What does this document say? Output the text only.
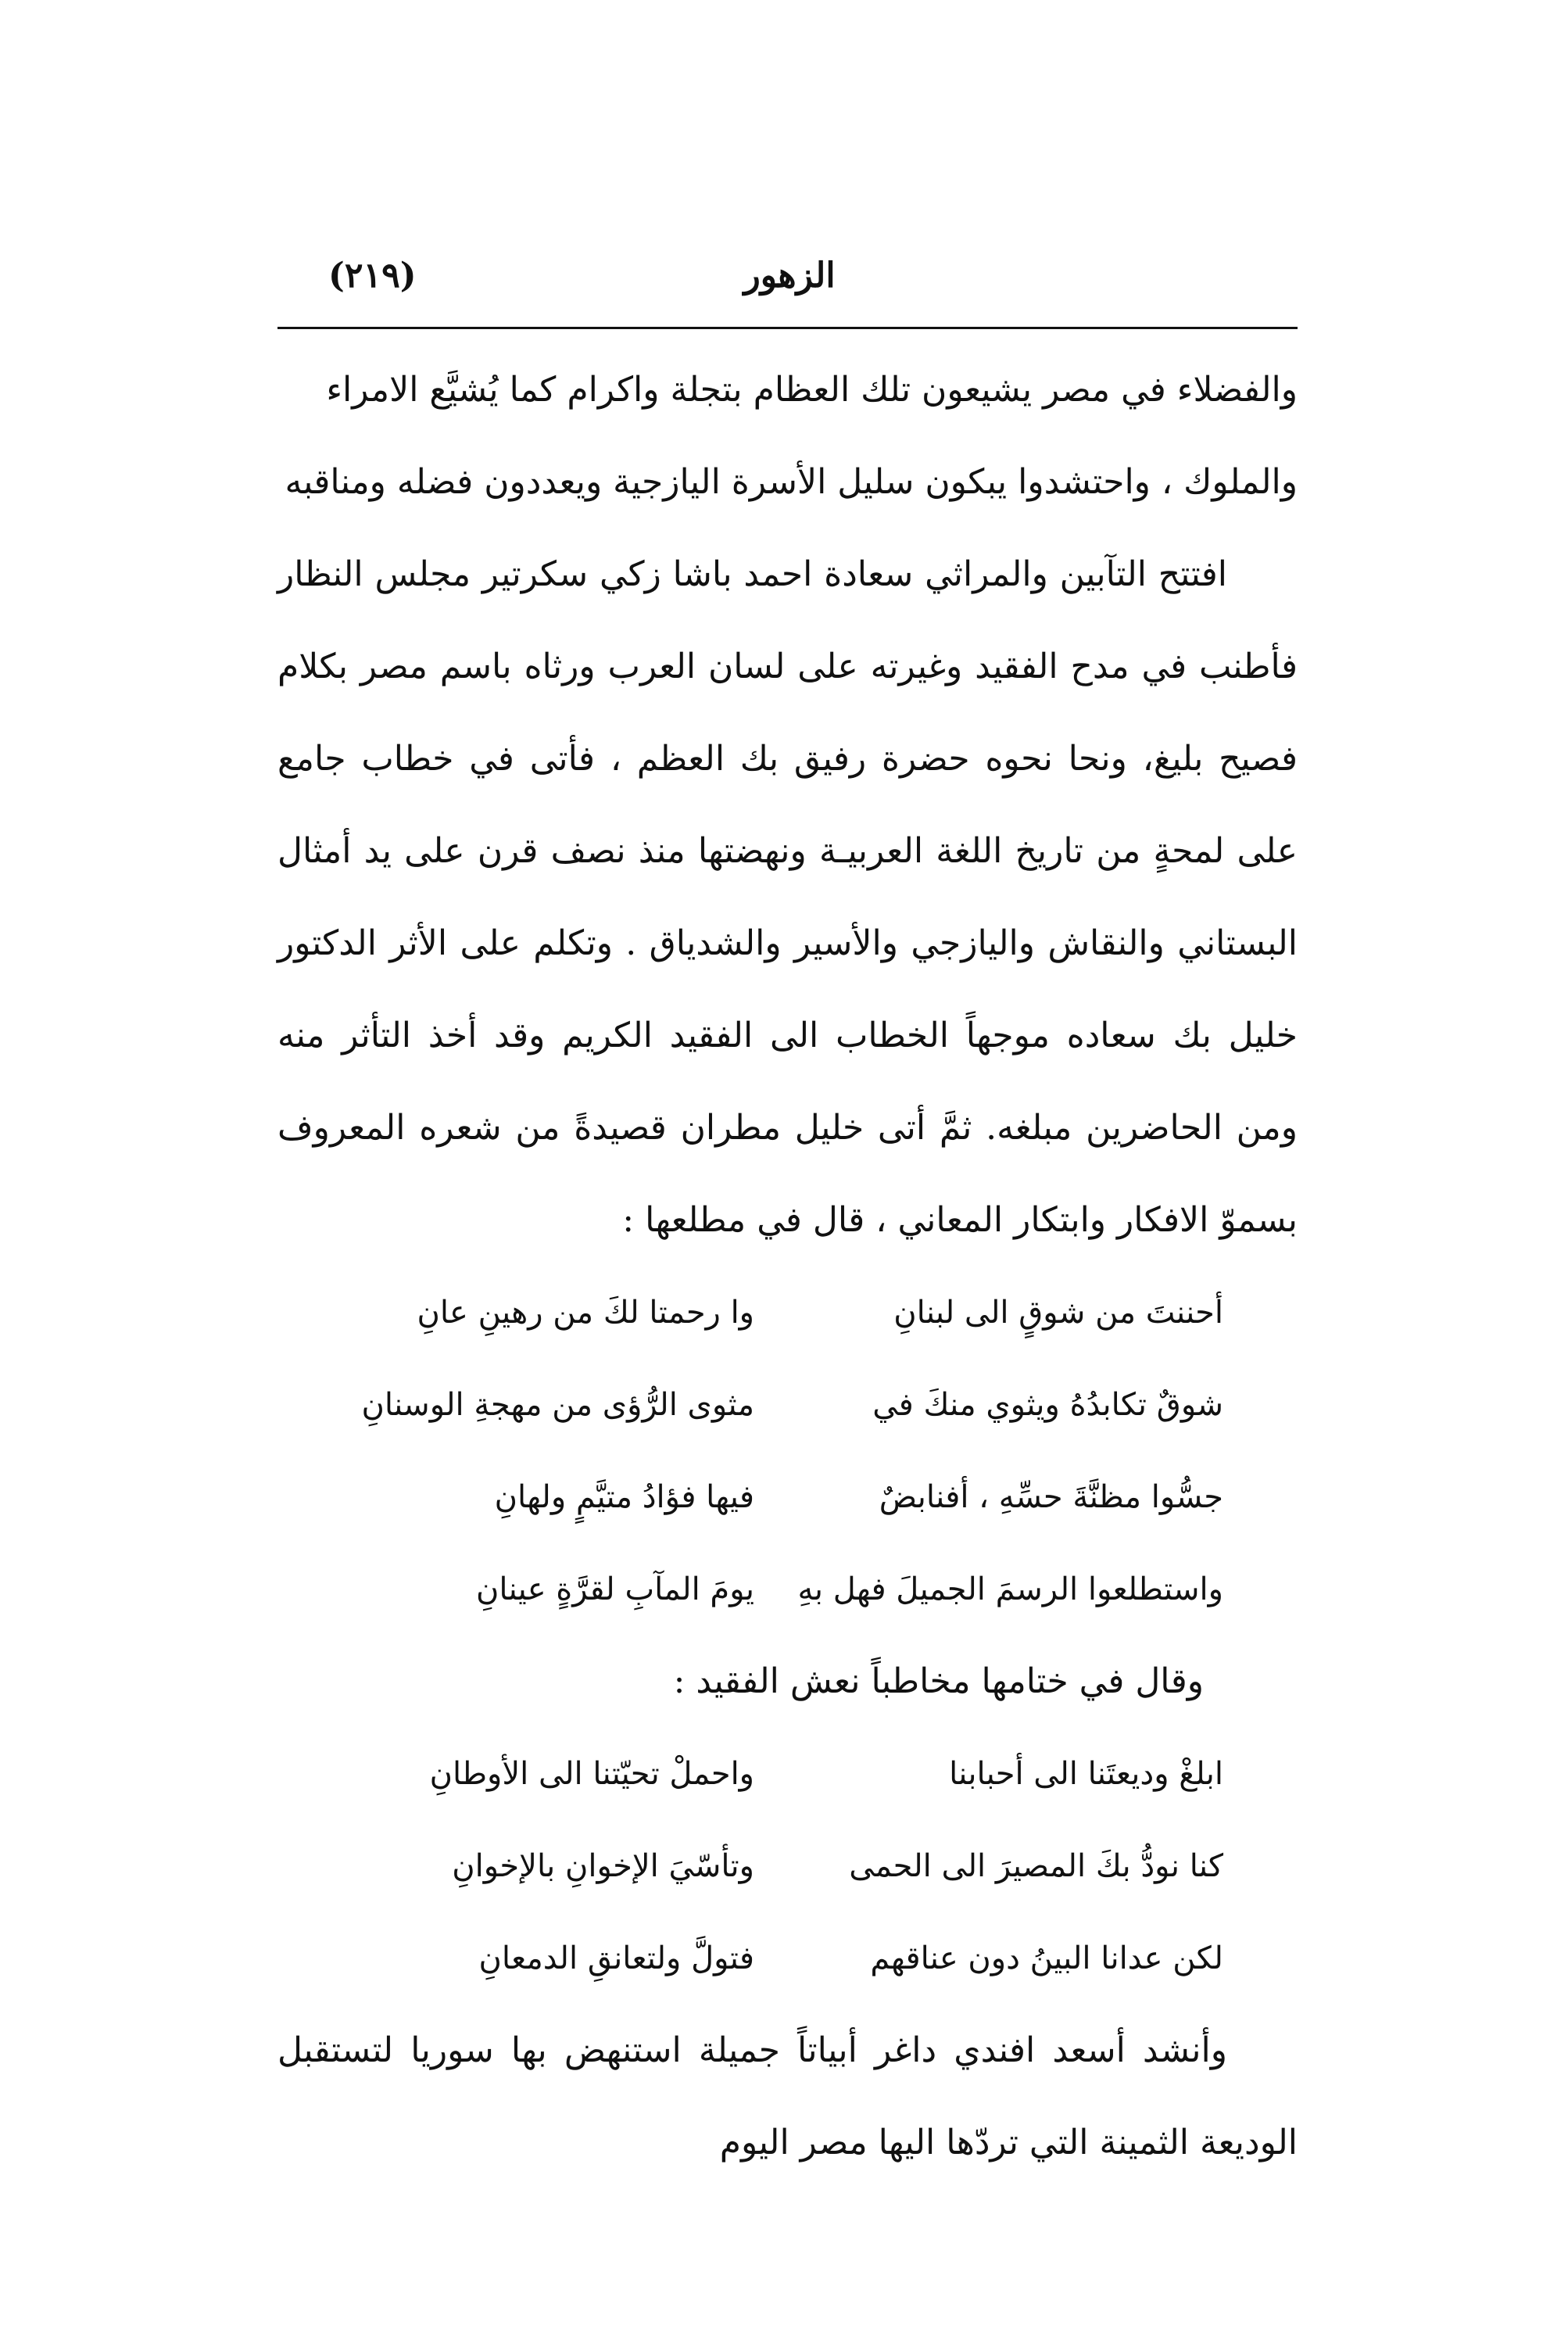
الزهور
(٢١٩)

والفضلاء في مصر يشيعون تلك العظام بتجلة واكرام كما يُشيَّع الامراء

والملوك ، واحتشدوا يبكون سليل الأسرة اليازجية ويعددون فضله ومناقبه

افتتح التآبين والمراثي سعادة احمد باشا زكي سكرتير مجلس النظار فأطنب في مدح الفقيد وغيرته على لسان العرب ورثاه باسم مصر بكلام فصيح بليغ، ونحا نحوه حضرة رفيق بك العظم ، فأتى في خطاب جامع على لمحةٍ من تاريخ اللغة العربيـة ونهضتها منذ نصف قرن على يد أمثال البستاني والنقاش واليازجي والأسير والشدياق . وتكلم على الأثر الدكتور خليل بك سعاده موجهاً الخطاب الى الفقيد الكريم وقد أخذ التأثر منه ومن الحاضرين مبلغه. ثمَّ أتى خليل مطران قصيدةً من شعره المعروف بسموّ الافكار وابتكار المعاني ، قال في مطلعها :

أحننتَ من شوقٍ الى لبنانِ
وا رحمتا لكَ من رهينِ عانِ
شوقٌ تكابدُهُ ويثوي منكَ في
مثوى الرُّؤى من مهجةِ الوسنانِ
جسُّوا مظنَّةَ حسِّهِ ، أفنابضٌ
فيها فؤادُ متيَّمٍ ولهانِ
واستطلعوا الرسمَ الجميلَ فهل بهِ
يومَ المآبِ لقرَّةٍ عينانِ

وقال في ختامها مخاطباً نعش الفقيد :

ابلغْ وديعتَنا الى أحبابنا
واحملْ تحيّتنا الى الأوطانِ
كنا نودُّ بكَ المصيرَ الى الحمى
وتأسّيَ الإخوانِ بالإخوانِ
لكن عدانا البينُ دون عناقهم
فتولَّ ولتعانقِ الدمعانِ

وأنشد أسعد افندي داغر أبياتاً جميلة استنهض بها سوريا لتستقبل الوديعة الثمينة التي تردّها اليها مصر اليوم
